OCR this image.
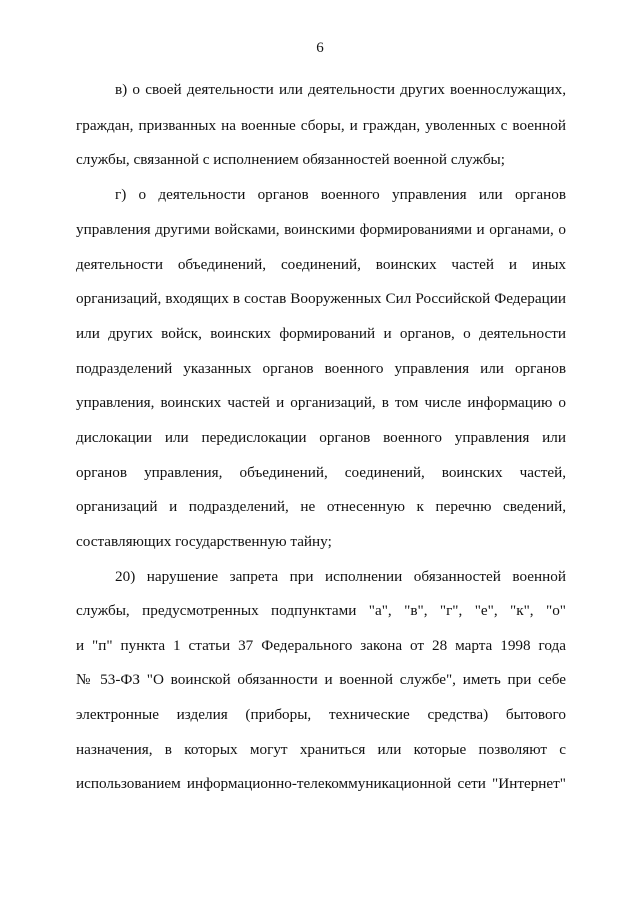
6
в) о своей деятельности или деятельности других военнослужащих,
граждан, призванных на военные сборы, и граждан, уволенных с военной
службы, связанной с исполнением обязанностей военной службы;
г) о деятельности органов военного управления или органов
управления другими войсками, воинскими формированиями и органами, о
деятельности объединений, соединений, воинских частей и иных
организаций, входящих в состав Вооруженных Сил Российской Федерации
или других войск, воинских формирований и органов, о деятельности
подразделений указанных органов военного управления или органов
управления, воинских частей и организаций, в том числе информацию о
дислокации или передислокации органов военного управления или
органов управления, объединений, соединений, воинских частей,
организаций и подразделений, не отнесенную к перечню сведений,
составляющих государственную тайну;
20) нарушение запрета при исполнении обязанностей военной
службы, предусмотренных подпунктами "а", "в", "г", "е", "к", "о"
и "п" пункта 1 статьи 37 Федерального закона от 28 марта 1998 года
№ 53-ФЗ "О воинской обязанности и военной службе", иметь при себе
электронные изделия (приборы, технические средства) бытового
назначения, в которых могут храниться или которые позволяют с
использованием информационно-телекоммуникационной сети "Интернет"
